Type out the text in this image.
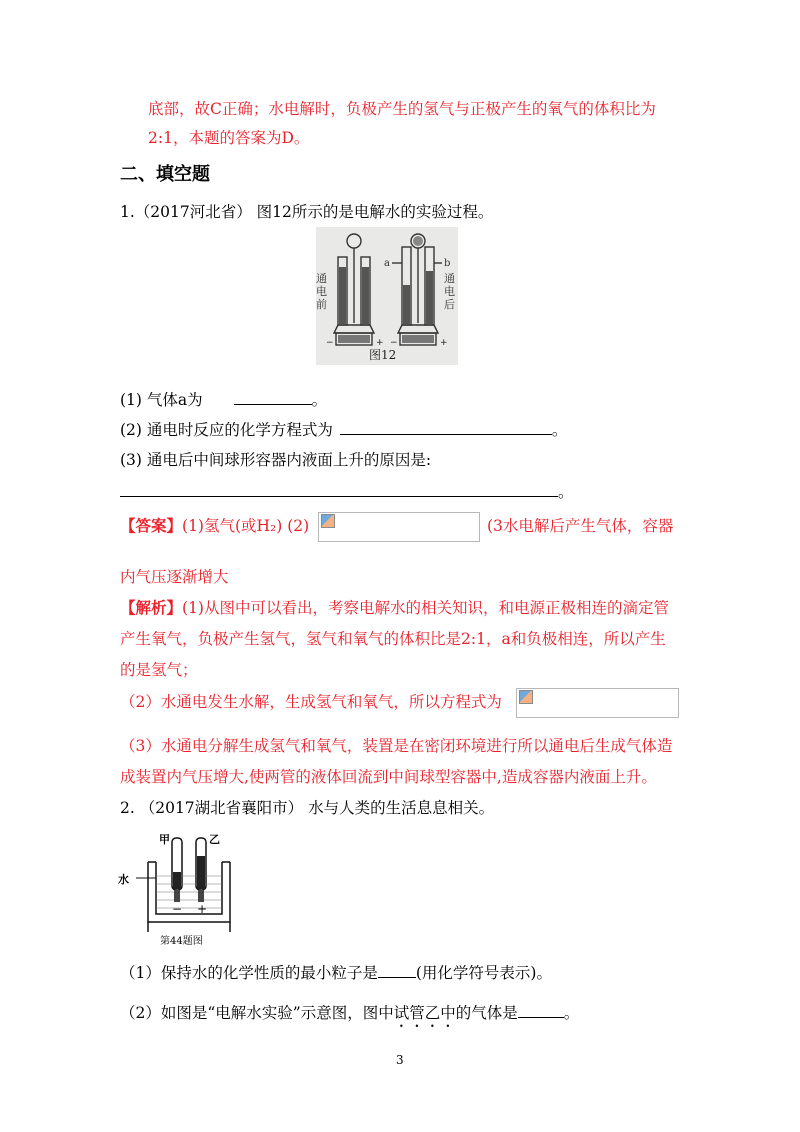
底部，故C正确；水电解时，负极产生的氢气与正极产生的氧气的体积比为
2:1，本题的答案为D。
二、填空题
1.（2017河北省） 图12所示的是电解水的实验过程。
−	+ −	+
通电前
通电后
a	b
图12
(1) 气体a为	。
(2) 通电时反应的化学方程式为	。
(3) 通电后中间球形容器内液面上升的原因是:
。
【答案】(1)氢气(或H₂) (2)	(3水电解后产生气体，容器
内气压逐渐增大
【解析】(1)从图中可以看出，考察电解水的相关知识，和电源正极相连的滴定管
产生氧气，负极产生氢气，氢气和氧气的体积比是2:1，a和负极相连，所以产生
的是氢气；
（2）水通电发生水解，生成氢气和氧气，所以方程式为
（3）水通电分解生成氢气和氧气，装置是在密闭环境进行所以通电后生成气体造
成装置内气压增大,使两管的液体回流到中间球型容器中,造成容器内液面上升。
2. （2017湖北省襄阳市） 水与人类的生活息息相关。
甲	乙
水
− +
第44题图
（1）保持水的化学性质的最小粒子是 (用化学符号表示)。
（2）如图是“电解水实验”示意图，图中试管乙中的气体是	。
3
